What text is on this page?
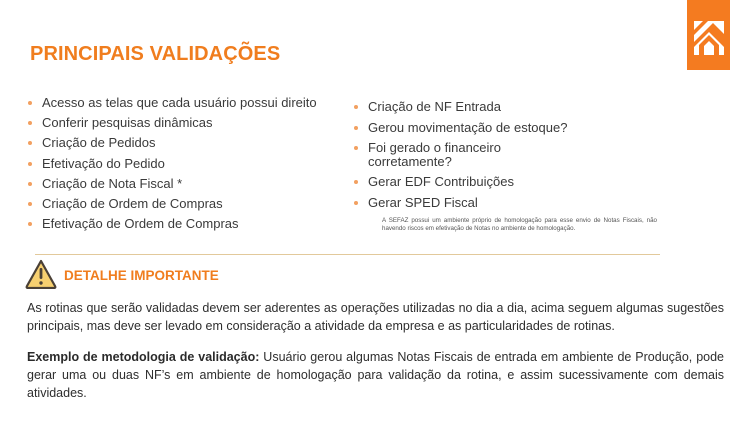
PRINCIPAIS VALIDAÇÕES
Acesso as telas que cada usuário possui direito
Conferir pesquisas dinâmicas
Criação de Pedidos
Efetivação do Pedido
Criação de Nota Fiscal *
Criação de Ordem de Compras
Efetivação de Ordem de Compras
Criação de NF Entrada
Gerou movimentação de estoque?
Foi gerado o financeiro corretamente?
Gerar EDF Contribuições
Gerar SPED Fiscal
A SEFAZ possui um ambiente próprio de homologação para esse envio de Notas Fiscais, não havendo riscos em efetivação de Notas no ambiente de homologação.
DETALHE IMPORTANTE
As rotinas que serão validadas devem ser aderentes as operações utilizadas no dia a dia, acima seguem algumas sugestões principais, mas deve ser levado em consideração a atividade da empresa e as particularidades de rotinas.
Exemplo de metodologia de validação: Usuário gerou algumas Notas Fiscais de entrada em ambiente de Produção, pode gerar uma ou duas NF’s em ambiente de homologação para validação da rotina, e assim sucessivamente com demais atividades.
